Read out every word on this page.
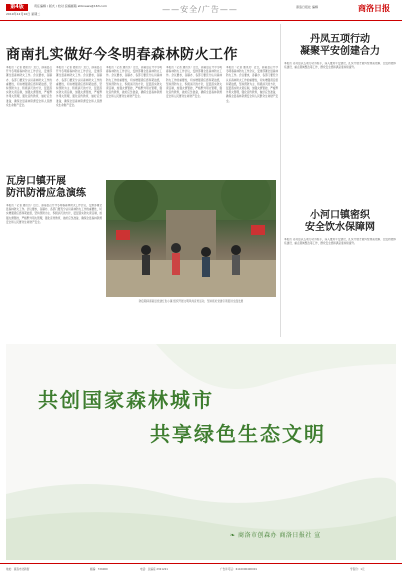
第4版
2019年12月10日 星期二
责任编辑 / 版式 / 校对 投稿邮箱 shbnews@163.com	——安全/广告——	商洛日报社 编辑	商洛日报
商南扎实做好今冬明春森林防火工作
本报讯（记者 通讯员）近日，商南县召开今冬明春森林防火工作会议，安排部署全县森林防火工作。会议要求，各镇办、各部门要充分认识森林防火工作的重要性，切实增强责任感和紧迫感，坚持预防为主、积极消灭的方针，层层落实防火责任制，加强火源管控，严格野外用火管理，强化宣传教育，做好应急准备，确保全县森林资源安全和人民群众生命财产安全。
本报讯（记者 通讯员）近日，商南县召开今冬明春森林防火工作会议，安排部署全县森林防火工作。会议要求，各镇办、各部门要充分认识森林防火工作的重要性，切实增强责任感和紧迫感，坚持预防为主、积极消灭的方针，层层落实防火责任制，加强火源管控，严格野外用火管理，强化宣传教育，做好应急准备，确保全县森林资源安全和人民群众生命财产安全。
本报讯（记者 通讯员）近日，商南县召开今冬明春森林防火工作会议，安排部署全县森林防火工作。会议要求，各镇办、各部门要充分认识森林防火工作的重要性，切实增强责任感和紧迫感，坚持预防为主、积极消灭的方针，层层落实防火责任制，加强火源管控，严格野外用火管理，强化宣传教育，做好应急准备，确保全县森林资源安全和人民群众生命财产安全。
本报讯（记者 通讯员）近日，商南县召开今冬明春森林防火工作会议，安排部署全县森林防火工作。会议要求，各镇办、各部门要充分认识森林防火工作的重要性，切实增强责任感和紧迫感，坚持预防为主、积极消灭的方针，层层落实防火责任制，加强火源管控，严格野外用火管理，强化宣传教育，做好应急准备，确保全县森林资源安全和人民群众生命财产安全。
本报讯（记者 通讯员）近日，商南县召开今冬明春森林防火工作会议，安排部署全县森林防火工作。会议要求，各镇办、各部门要充分认识森林防火工作的重要性，切实增强责任感和紧迫感，坚持预防为主、积极消灭的方针，层层落实防火责任制，加强火源管控，严格野外用火管理，强化宣传教育，做好应急准备，确保全县森林资源安全和人民群众生命财产安全。
瓦房口镇开展
防汛防滑应急演练
本报讯（记者 通讯员）近日，商南县召开今冬明春森林防火工作会议，安排部署全县森林防火工作。会议要求，各镇办、各部门要充分认识森林防火工作的重要性，切实增强责任感和紧迫感，坚持预防为主、积极消灭的方针，层层落实防火责任制，加强火源管控，严格野外用火管理，强化宣传教育，做好应急准备，确保全县森林资源安全和人民群众生命财产安全。
防疫期间商南县党建红色小镇 组织开展文明风尚宣传活动，坚持抓好党建引领促进全面发展
丹凤五项行动
凝聚平安创建合力
本报讯 丹凤县以五项行动为抓手，深入推进平安建设，扎实开展矛盾纠纷排查化解、治安防控体系建设、重点领域整治等工作，群众安全感和满意度持续提升。
小河口镇密织
安全饮水保障网
本报讯 丹凤县以五项行动为抓手，深入推进平安建设，扎实开展矛盾纠纷排查化解、治安防控体系建设、重点领域整治等工作，群众安全感和满意度持续提升。
共创国家森林城市
共享绿色生态文明
❧ 商洛市创森办 商洛日报社 宣
地址：商洛市北新街	邮编：726000	电话：总编室 2321221	广告许可证：6110000400001	零售价：1元
